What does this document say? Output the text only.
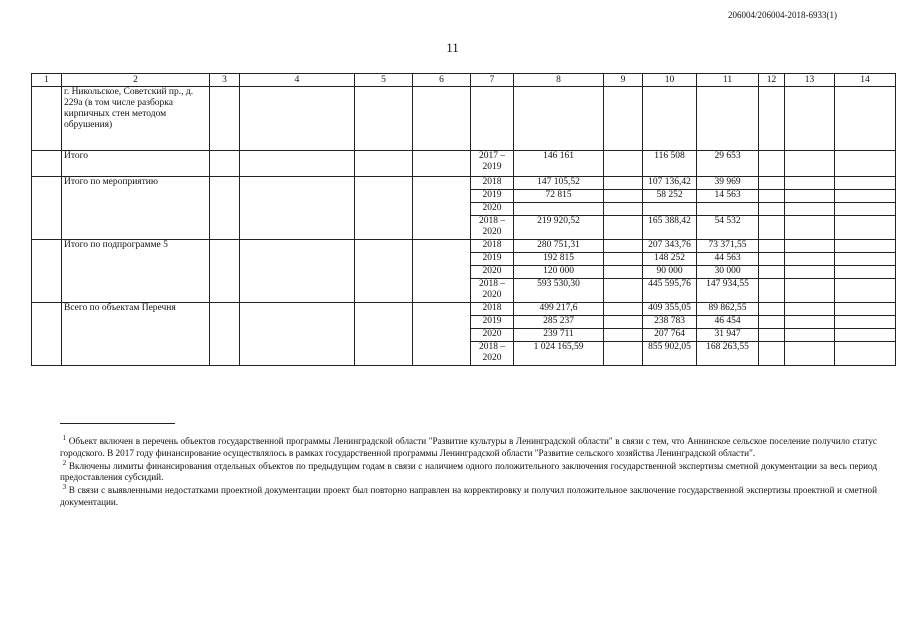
206004/206004-2018-6933(1)
11
1	2	3	4	5	6	7	8	9	10	11	12	13	14
	г. Никольское, Советский пр., д. 229а (в том числе разборка кирпичных стен методом обрушения)												
	Итого					2017 – 2019	146 161		116 508	29 653			
	Итого по мероприятию					2018	147 105,52		107 136,42	39 969			
						2019	72 815		58 252	14 563			
						2020							
						2018 – 2020	219 920,52		165 388,42	54 532			
	Итого по подпрограмме 5					2018	280 751,31		207 343,76	73 371,55			
						2019	192 815		148 252	44 563			
						2020	120 000		90 000	30 000			
						2018 – 2020	593 530,30		445 595,76	147 934,55			
	Всего по объектам Перечня					2018	499 217,6		409 355,05	89 862,55			
						2019	285 237		238 783	46 454			
						2020	239 711		207 764	31 947			
						2018 – 2020	1 024 165,59		855 902,05	168 263,55			

$^1$ Объект включен в перечень объектов государственной программы Ленинградской области "Развитие культуры в Ленинградской области" в связи с тем, что Аннинское сельское поселение получило статус городского. В 2017 году финансирование осуществлялось в рамках государственной программы Ленинградской области "Развитие сельского хозяйства Ленинградской области".

$^2$ Включены лимиты финансирования отдельных объектов по предыдущим годам в связи с наличием одного положительного заключения государственной экспертизы сметной документации за весь период предоставления субсидий.

$^3$ В связи с выявленными недостатками проектной документации проект был повторно направлен на корректировку и получил положительное заключение государственной экспертизы проектной и сметной документации.
